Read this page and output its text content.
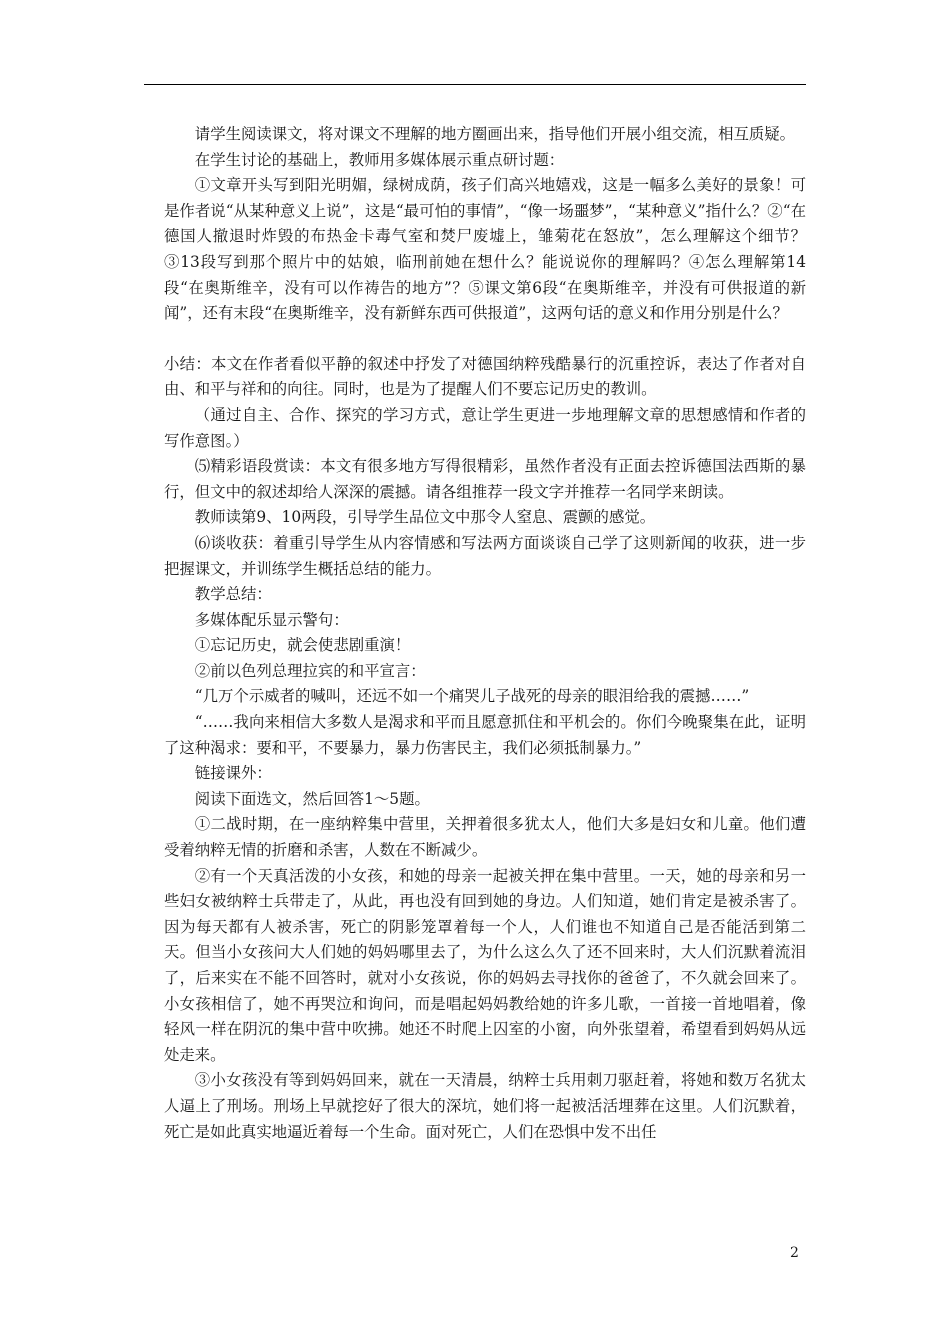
请学生阅读课文，将对课文不理解的地方圈画出来，指导他们开展小组交流，相互质疑。

在学生讨论的基础上，教师用多媒体展示重点研讨题：

①文章开头写到阳光明媚，绿树成荫，孩子们高兴地嬉戏，这是一幅多么美好的景象！可是作者说“从某种意义上说”，这是“最可怕的事情”，“像一场噩梦”，“某种意义”指什么？②“在德国人撤退时炸毁的布热金卡毒气室和焚尸废墟上，雏菊花在怒放”，怎么理解这个细节？③13段写到那个照片中的姑娘，临刑前她在想什么？能说说你的理解吗？④怎么理解第14段“在奥斯维辛，没有可以作祷告的地方”？⑤课文第6段“在奥斯维辛，并没有可供报道的新闻”，还有末段“在奥斯维辛，没有新鲜东西可供报道”，这两句话的意义和作用分别是什么？

小结：本文在作者看似平静的叙述中抒发了对德国纳粹残酷暴行的沉重控诉，表达了作者对自由、和平与祥和的向往。同时，也是为了提醒人们不要忘记历史的教训。

（通过自主、合作、探究的学习方式，意让学生更进一步地理解文章的思想感情和作者的写作意图。）

⑸精彩语段赏读：本文有很多地方写得很精彩，虽然作者没有正面去控诉德国法西斯的暴行，但文中的叙述却给人深深的震撼。请各组推荐一段文字并推荐一名同学来朗读。

教师读第9、10两段，引导学生品位文中那令人窒息、震颤的感觉。

⑹谈收获：着重引导学生从内容情感和写法两方面谈谈自己学了这则新闻的收获，进一步把握课文，并训练学生概括总结的能力。

教学总结：

多媒体配乐显示警句：

①忘记历史，就会使悲剧重演！

②前以色列总理拉宾的和平宣言：

“几万个示威者的喊叫，还远不如一个痛哭儿子战死的母亲的眼泪给我的震撼……”

“……我向来相信大多数人是渴求和平而且愿意抓住和平机会的。你们今晚聚集在此，证明了这种渴求：要和平，不要暴力，暴力伤害民主，我们必须抵制暴力。”

链接课外：

阅读下面选文，然后回答1～5题。

①二战时期，在一座纳粹集中营里，关押着很多犹太人，他们大多是妇女和儿童。他们遭受着纳粹无情的折磨和杀害，人数在不断减少。

②有一个天真活泼的小女孩，和她的母亲一起被关押在集中营里。一天，她的母亲和另一些妇女被纳粹士兵带走了，从此，再也没有回到她的身边。人们知道，她们肯定是被杀害了。因为每天都有人被杀害，死亡的阴影笼罩着每一个人，人们谁也不知道自己是否能活到第二天。但当小女孩问大人们她的妈妈哪里去了，为什么这么久了还不回来时，大人们沉默着流泪了，后来实在不能不回答时，就对小女孩说，你的妈妈去寻找你的爸爸了，不久就会回来了。小女孩相信了，她不再哭泣和询问，而是唱起妈妈教给她的许多儿歌，一首接一首地唱着，像轻风一样在阴沉的集中营中吹拂。她还不时爬上囚室的小窗，向外张望着，希望看到妈妈从远处走来。

③小女孩没有等到妈妈回来，就在一天清晨，纳粹士兵用刺刀驱赶着，将她和数万名犹太人逼上了刑场。刑场上早就挖好了很大的深坑，她们将一起被活活埋葬在这里。人们沉默着，死亡是如此真实地逼近着每一个生命。面对死亡，人们在恐惧中发不出任

2
